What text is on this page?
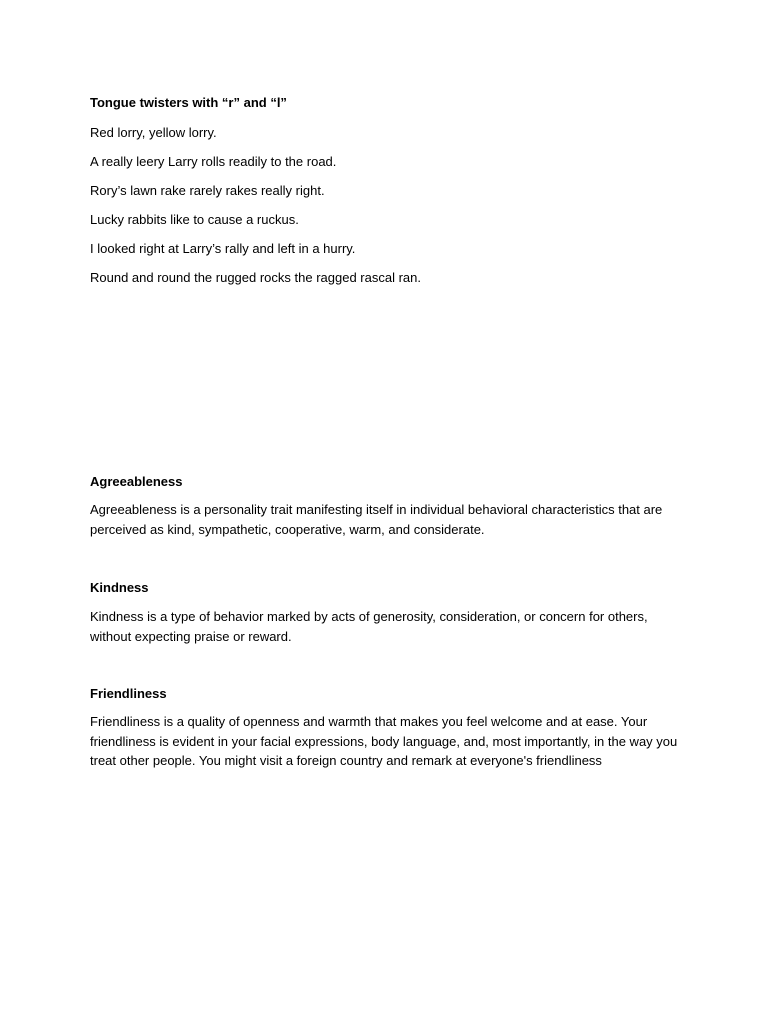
Tongue twisters with “r” and “l”
Red lorry, yellow lorry.
A really leery Larry rolls readily to the road.
Rory’s lawn rake rarely rakes really right.
Lucky rabbits like to cause a ruckus.
I looked right at Larry’s rally and left in a hurry.
Round and round the rugged rocks the ragged rascal ran.
Agreeableness
Agreeableness is a personality trait manifesting itself in individual behavioral characteristics that are
perceived as kind, sympathetic, cooperative, warm, and considerate.
Kindness
Kindness is a type of behavior marked by acts of generosity, consideration, or concern for others,
without expecting praise or reward.
Friendliness
Friendliness is a quality of openness and warmth that makes you feel welcome and at ease. Your
friendliness is evident in your facial expressions, body language, and, most importantly, in the way you
treat other people. You might visit a foreign country and remark at everyone's friendliness
